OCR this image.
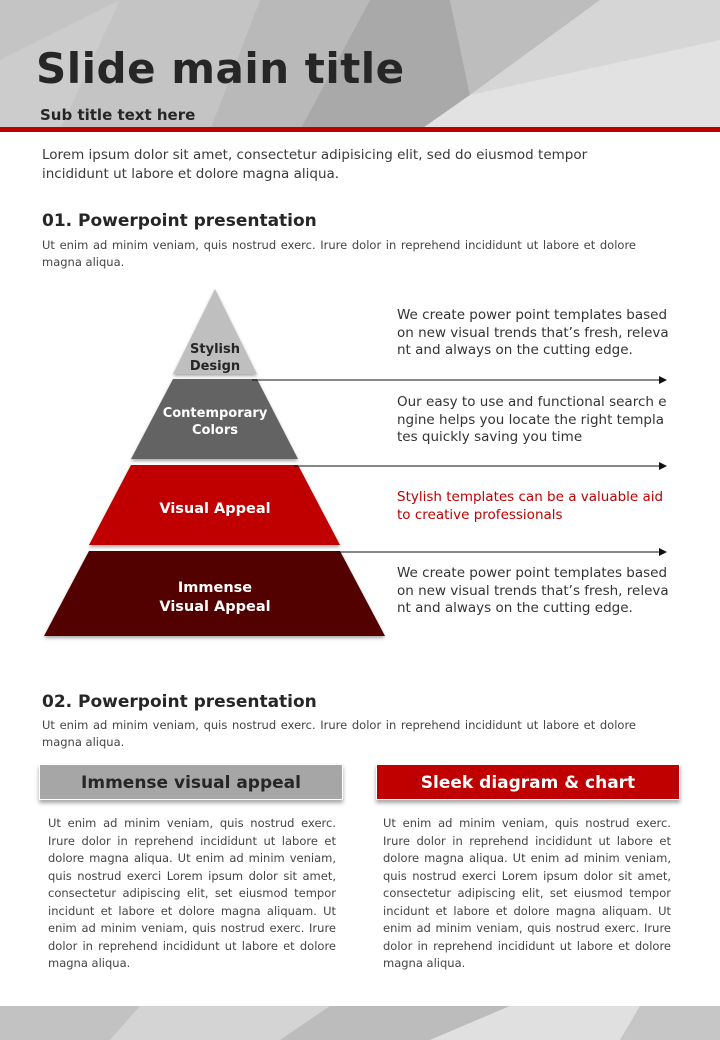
Slide main title
Sub title text here
Lorem ipsum dolor sit amet, consectetur adipisicing elit, sed do eiusmod tempor incididunt ut labore et dolore magna aliqua.
01. Powerpoint presentation
Ut enim ad minim veniam, quis nostrud exerc. Irure dolor in reprehend incididunt ut labore et dolore magna aliqua.
Stylish
Design
Contemporary
Colors
Visual Appeal
Immense
Visual Appeal
We create power point templates based on new visual trends that’s fresh, relevant and always on the cutting edge.
Our easy to use and functional search engine helps you locate the right templates quickly saving you time
Stylish templates can be a valuable aid to creative professionals
We create power point templates based on new visual trends that’s fresh, relevant and always on the cutting edge.
02. Powerpoint presentation
Ut enim ad minim veniam, quis nostrud exerc. Irure dolor in reprehend incididunt ut labore et dolore magna aliqua.
Immense visual appeal	Sleek diagram & chart
Ut enim ad minim veniam, quis nostrud exerc. Irure dolor in reprehend incididunt ut labore et dolore magna aliqua. Ut enim ad minim veniam, quis nostrud exerci Lorem ipsum dolor sit amet, consectetur adipiscing elit, set eiusmod tempor incidunt et labore et dolore magna aliquam. Ut enim ad minim veniam, quis nostrud exerc. Irure dolor in reprehend incididunt ut labore et dolore magna aliqua.
Ut enim ad minim veniam, quis nostrud exerc. Irure dolor in reprehend incididunt ut labore et dolore magna aliqua. Ut enim ad minim veniam, quis nostrud exerci Lorem ipsum dolor sit amet, consectetur adipiscing elit, set eiusmod tempor incidunt et labore et dolore magna aliquam. Ut enim ad minim veniam, quis nostrud exerc. Irure dolor in reprehend incididunt ut labore et dolore magna aliqua.
